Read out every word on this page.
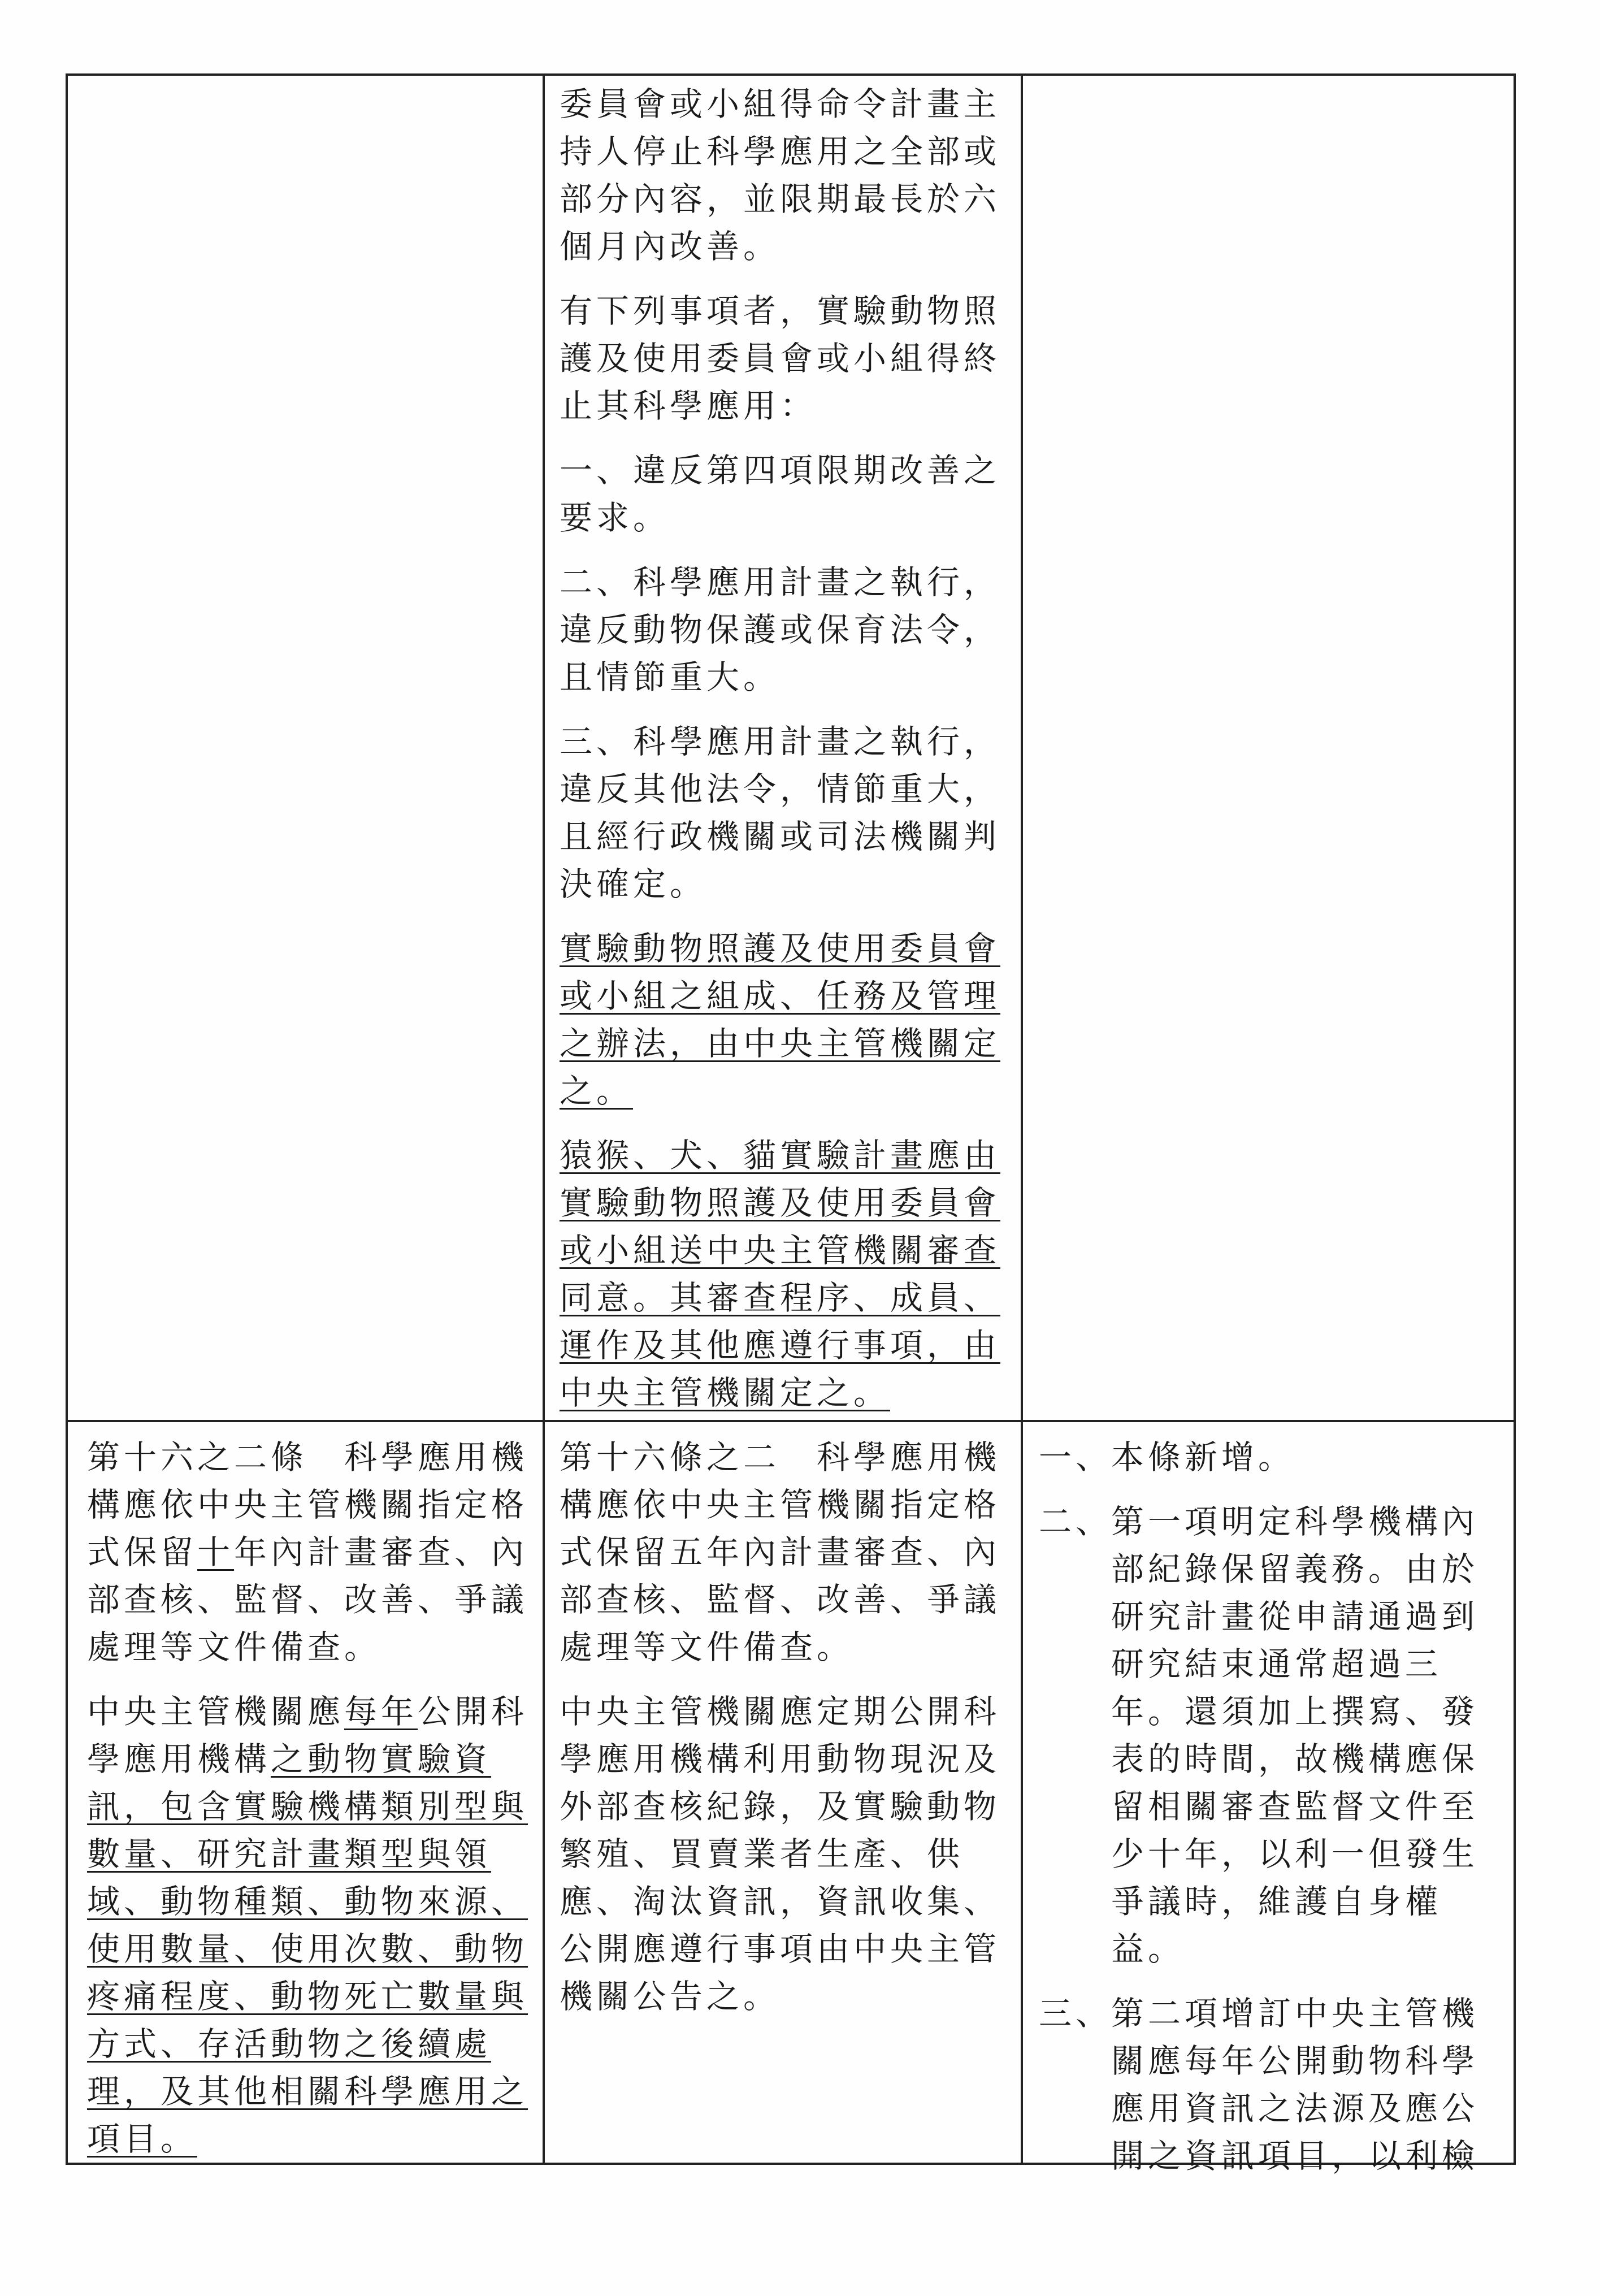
委員會或小組得命令計畫主持人停止科學應用之全部或部分內容，並限期最長於六個月內改善。

有下列事項者，實驗動物照護及使用委員會或小組得終止其科學應用：

一、違反第四項限期改善之要求。

二、科學應用計畫之執行，違反動物保護或保育法令，且情節重大。

三、科學應用計畫之執行，違反其他法令，情節重大，且經行政機關或司法機關判決確定。

實驗動物照護及使用委員會或小組之組成、任務及管理之辦法，由中央主管機關定之。

猿猴、犬、貓實驗計畫應由實驗動物照護及使用委員會或小組送中央主管機關審查同意。其審查程序、成員、運作及其他應遵行事項，由中央主管機關定之。

第十六之二條　科學應用機構應依中央主管機關指定格式保留十年內計畫審查、內部查核、監督、改善、爭議處理等文件備查。

中央主管機關應每年公開科學應用機構之動物實驗資訊，包含實驗機構類別型與數量、研究計畫類型與領域、動物種類、動物來源、使用數量、使用次數、動物疼痛程度、動物死亡數量與方式、存活動物之後續處理，及其他相關科學應用之項目。

第十六條之二　科學應用機構應依中央主管機關指定格式保留五年內計畫審查、內部查核、監督、改善、爭議處理等文件備查。

中央主管機關應定期公開科學應用機構利用動物現況及外部查核紀錄，及實驗動物繁殖、買賣業者生產、供應、淘汰資訊，資訊收集、公開應遵行事項由中央主管機關公告之。

一、
本條新增。
二、
第一項明定科學機構內部紀錄保留義務。由於研究計畫從申請通過到研究結束通常超過三年。還須加上撰寫、發表的時間，故機構應保留相關審查監督文件至少十年，以利一但發生爭議時，維護自身權益。
三、
第二項增訂中央主管機關應每年公開動物科學應用資訊之法源及應公開之資訊項目，以利檢
